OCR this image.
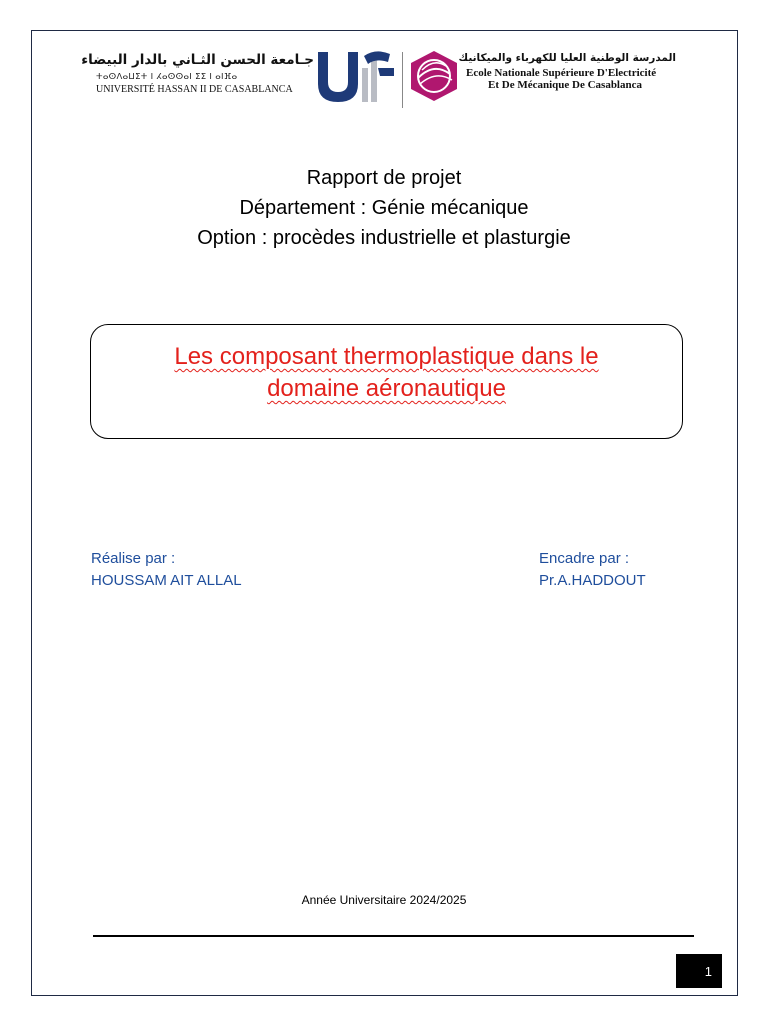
جـامعة الحسن الثـاني بالدار البيضاء
ⵜⴰⵙⴷⴰⵡⵉⵜ ⵏ ⵃⴰⵙⵙⴰⵏ ⵉⵉ ⵏ ⴰⵏⴼⴰ
UNIVERSITÉ HASSAN II DE CASABLANCA
المدرسة الوطنية العليا للكهرباء والميكانيك
Ecole Nationale Supérieure D'Electricité
Et De Mécanique De Casablanca
Rapport de projet
Département : Génie mécanique
Option : procèdes industrielle et plasturgie
Les composant thermoplastique dans le domaine aéronautique
Réalise par :
HOUSSAM AIT ALLAL
Encadre par :
Pr.A.HADDOUT
Année Universitaire 2024/2025
1
